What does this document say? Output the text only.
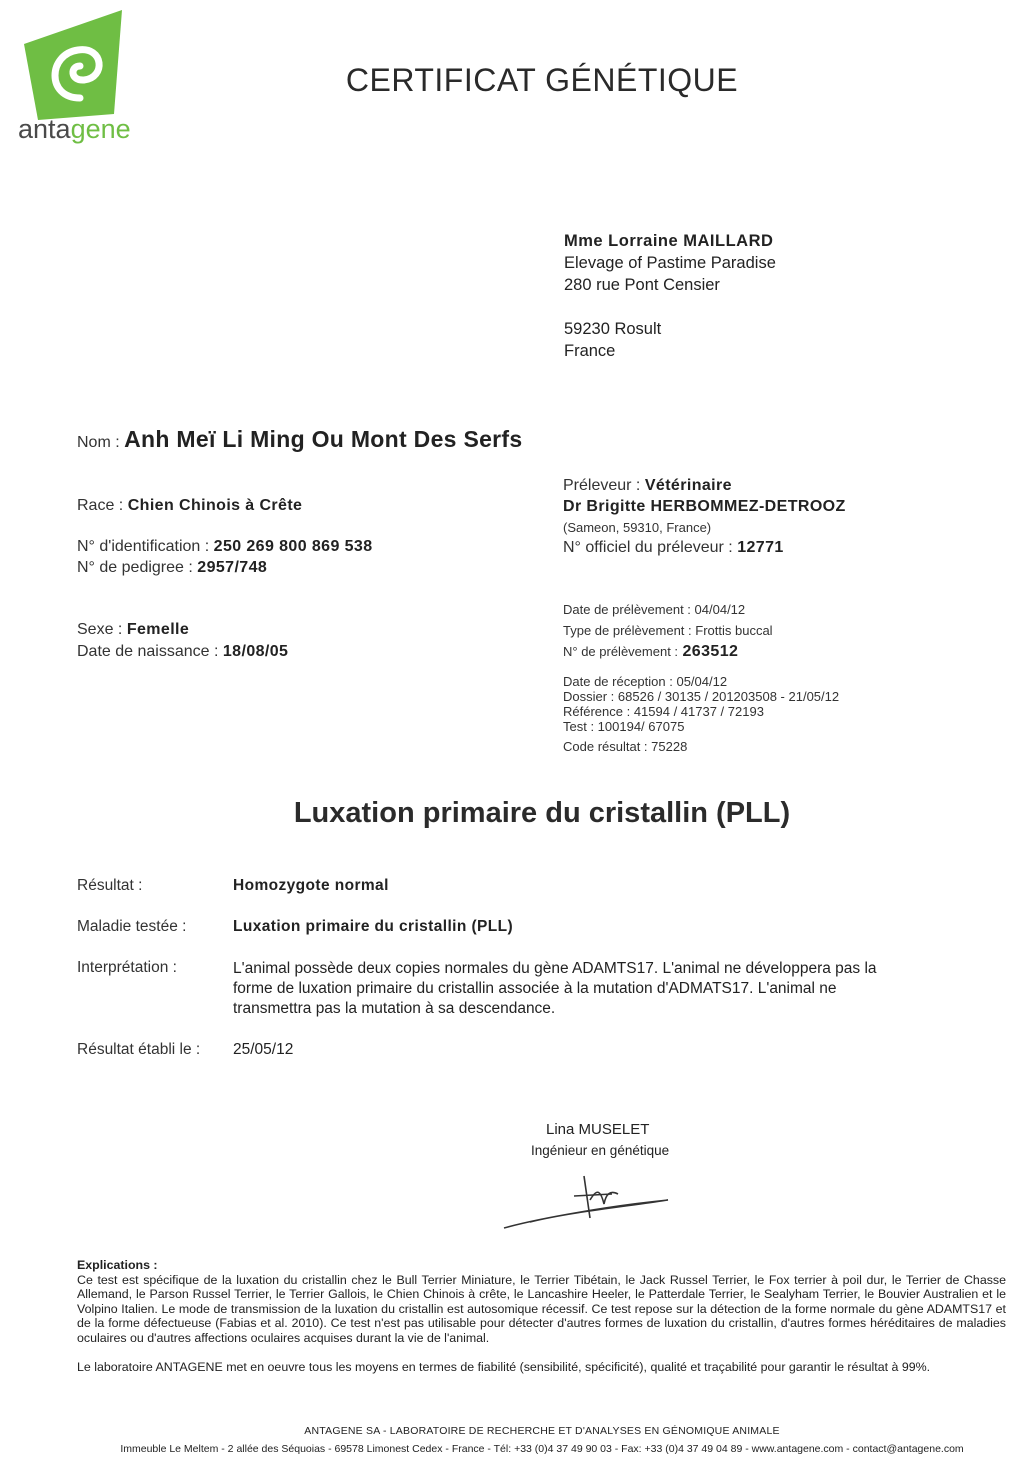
antagene
CERTIFICAT GÉNÉTIQUE
Mme Lorraine MAILLARD
Elevage of Pastime Paradise
280 rue Pont Censier
59230 Rosult
France
Nom : Anh Meï Li Ming Ou Mont Des Serfs
Race : Chien Chinois à Crête
N° d'identification : 250 269 800 869 538
N° de pedigree : 2957/748
Sexe : Femelle
Date de naissance : 18/08/05
Préleveur : Vétérinaire
Dr Brigitte HERBOMMEZ-DETROOZ
(Sameon, 59310, France)
N° officiel du préleveur : 12771
Date de prélèvement : 04/04/12
Type de prélèvement : Frottis buccal
N° de prélèvement : 263512
Date de réception : 05/04/12
Dossier : 68526 / 30135 / 201203508 - 21/05/12
Référence : 41594 / 41737 / 72193
Test : 100194/ 67075
Code résultat : 75228
Luxation primaire du cristallin (PLL)
Résultat :	Homozygote normal
Maladie testée :	Luxation primaire du cristallin (PLL)
Interprétation :	L'animal possède deux copies normales du gène ADAMTS17. L'animal ne développera pas la
forme de luxation primaire du cristallin associée à la mutation d'ADMATS17. L'animal ne
transmettra pas la mutation à sa descendance.
Résultat établi le :	25/05/12
Lina MUSELET
Ingénieur en génétique
Explications :
Ce test est spécifique de la luxation du cristallin chez le Bull Terrier Miniature, le Terrier Tibétain, le Jack Russel Terrier, le Fox terrier à poil dur, le Terrier de Chasse Allemand, le Parson Russel Terrier, le Terrier Gallois, le Chien Chinois à crête, le Lancashire Heeler, le Patterdale Terrier, le Sealyham Terrier, le Bouvier Australien et le Volpino Italien. Le mode de transmission de la luxation du cristallin est autosomique récessif. Ce test repose sur la détection de la forme normale du gène ADAMTS17 et de la forme défectueuse (Fabias et al. 2010). Ce test n'est pas utilisable pour détecter d'autres formes de luxation du cristallin, d'autres formes héréditaires de maladies oculaires ou d'autres affections oculaires acquises durant la vie de l'animal.
Le laboratoire ANTAGENE met en oeuvre tous les moyens en termes de fiabilité (sensibilité, spécificité), qualité et traçabilité pour garantir le résultat à 99%.
ANTAGENE SA - LABORATOIRE DE RECHERCHE ET D'ANALYSES EN GÉNOMIQUE ANIMALE
Immeuble Le Meltem - 2 allée des Séquoias - 69578 Limonest Cedex - France - Tél: +33 (0)4 37 49 90 03 - Fax: +33 (0)4 37 49 04 89 - www.antagene.com - contact@antagene.com
